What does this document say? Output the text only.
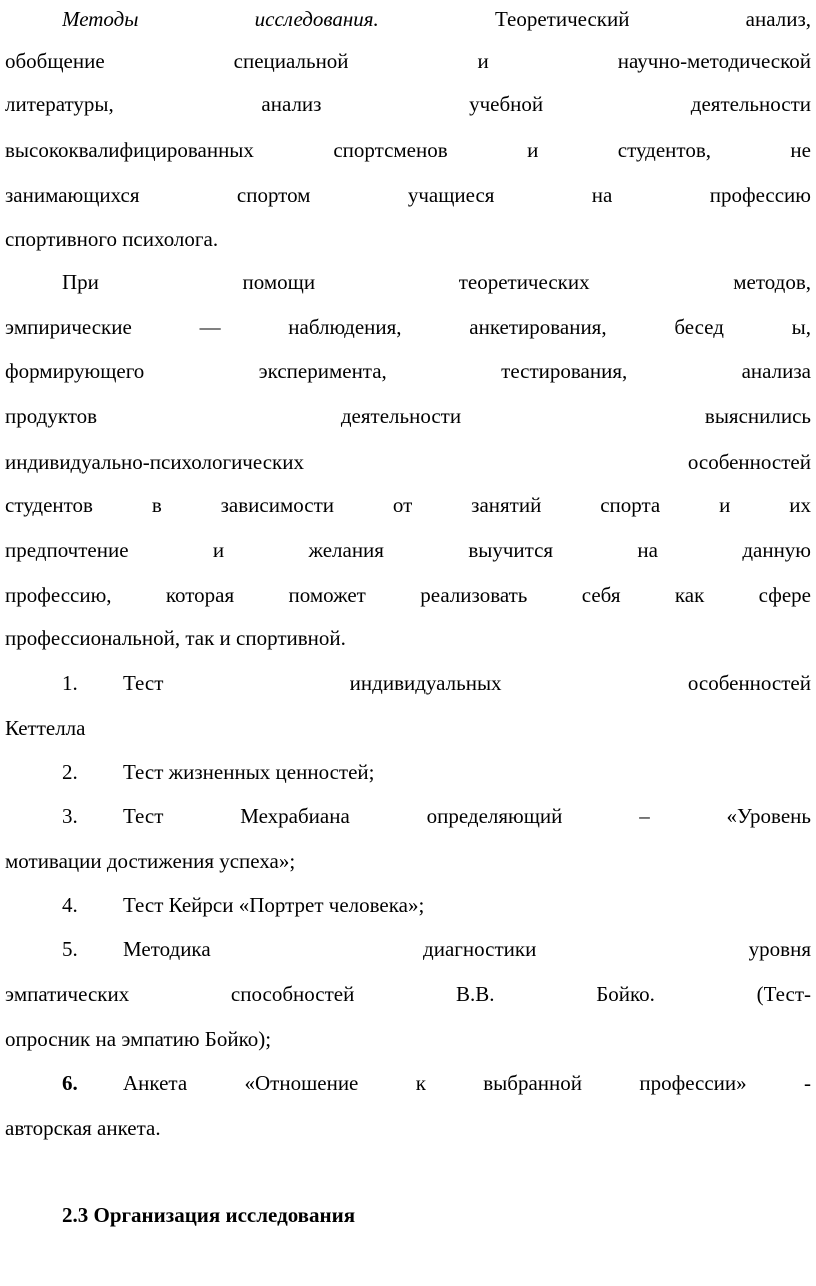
Методы исследования.	Теоретический анализ,
обобщение специальной и научно-методической
литературы, анализ учебной деятельности
высококвалифицированных спортсменов и студентов, не
занимающихся спортом учащиеся на профессию
спортивного психолога.
При помощи теоретических методов,
эмпирические — наблюдения, анкетирования, бесед ы,
формирующего эксперимента, тестирования, анализа
продуктов деятельности выяснились
индивидуально-психологических особенностей
студентов в зависимости от занятий спорта и их
предпочтение и желания выучится на данную
профессию, которая поможет реализовать себя как сфере
профессиональной, так и спортивной.
1. Тест индивидуальных особенностей
Кеттелла
2. Тест жизненных ценностей;
3. Тест Мехрабиана определяющий – «Уровень
мотивации достижения успеха»;
4. Тест Кейрси «Портрет человека»;
5. Методика диагностики уровня
эмпатических способностей В.В. Бойко. (Тест-
опросник на эмпатию Бойко);
6. Анкета «Отношение к выбранной профессии» -
авторская анкета.
2.3 Организация исследования
